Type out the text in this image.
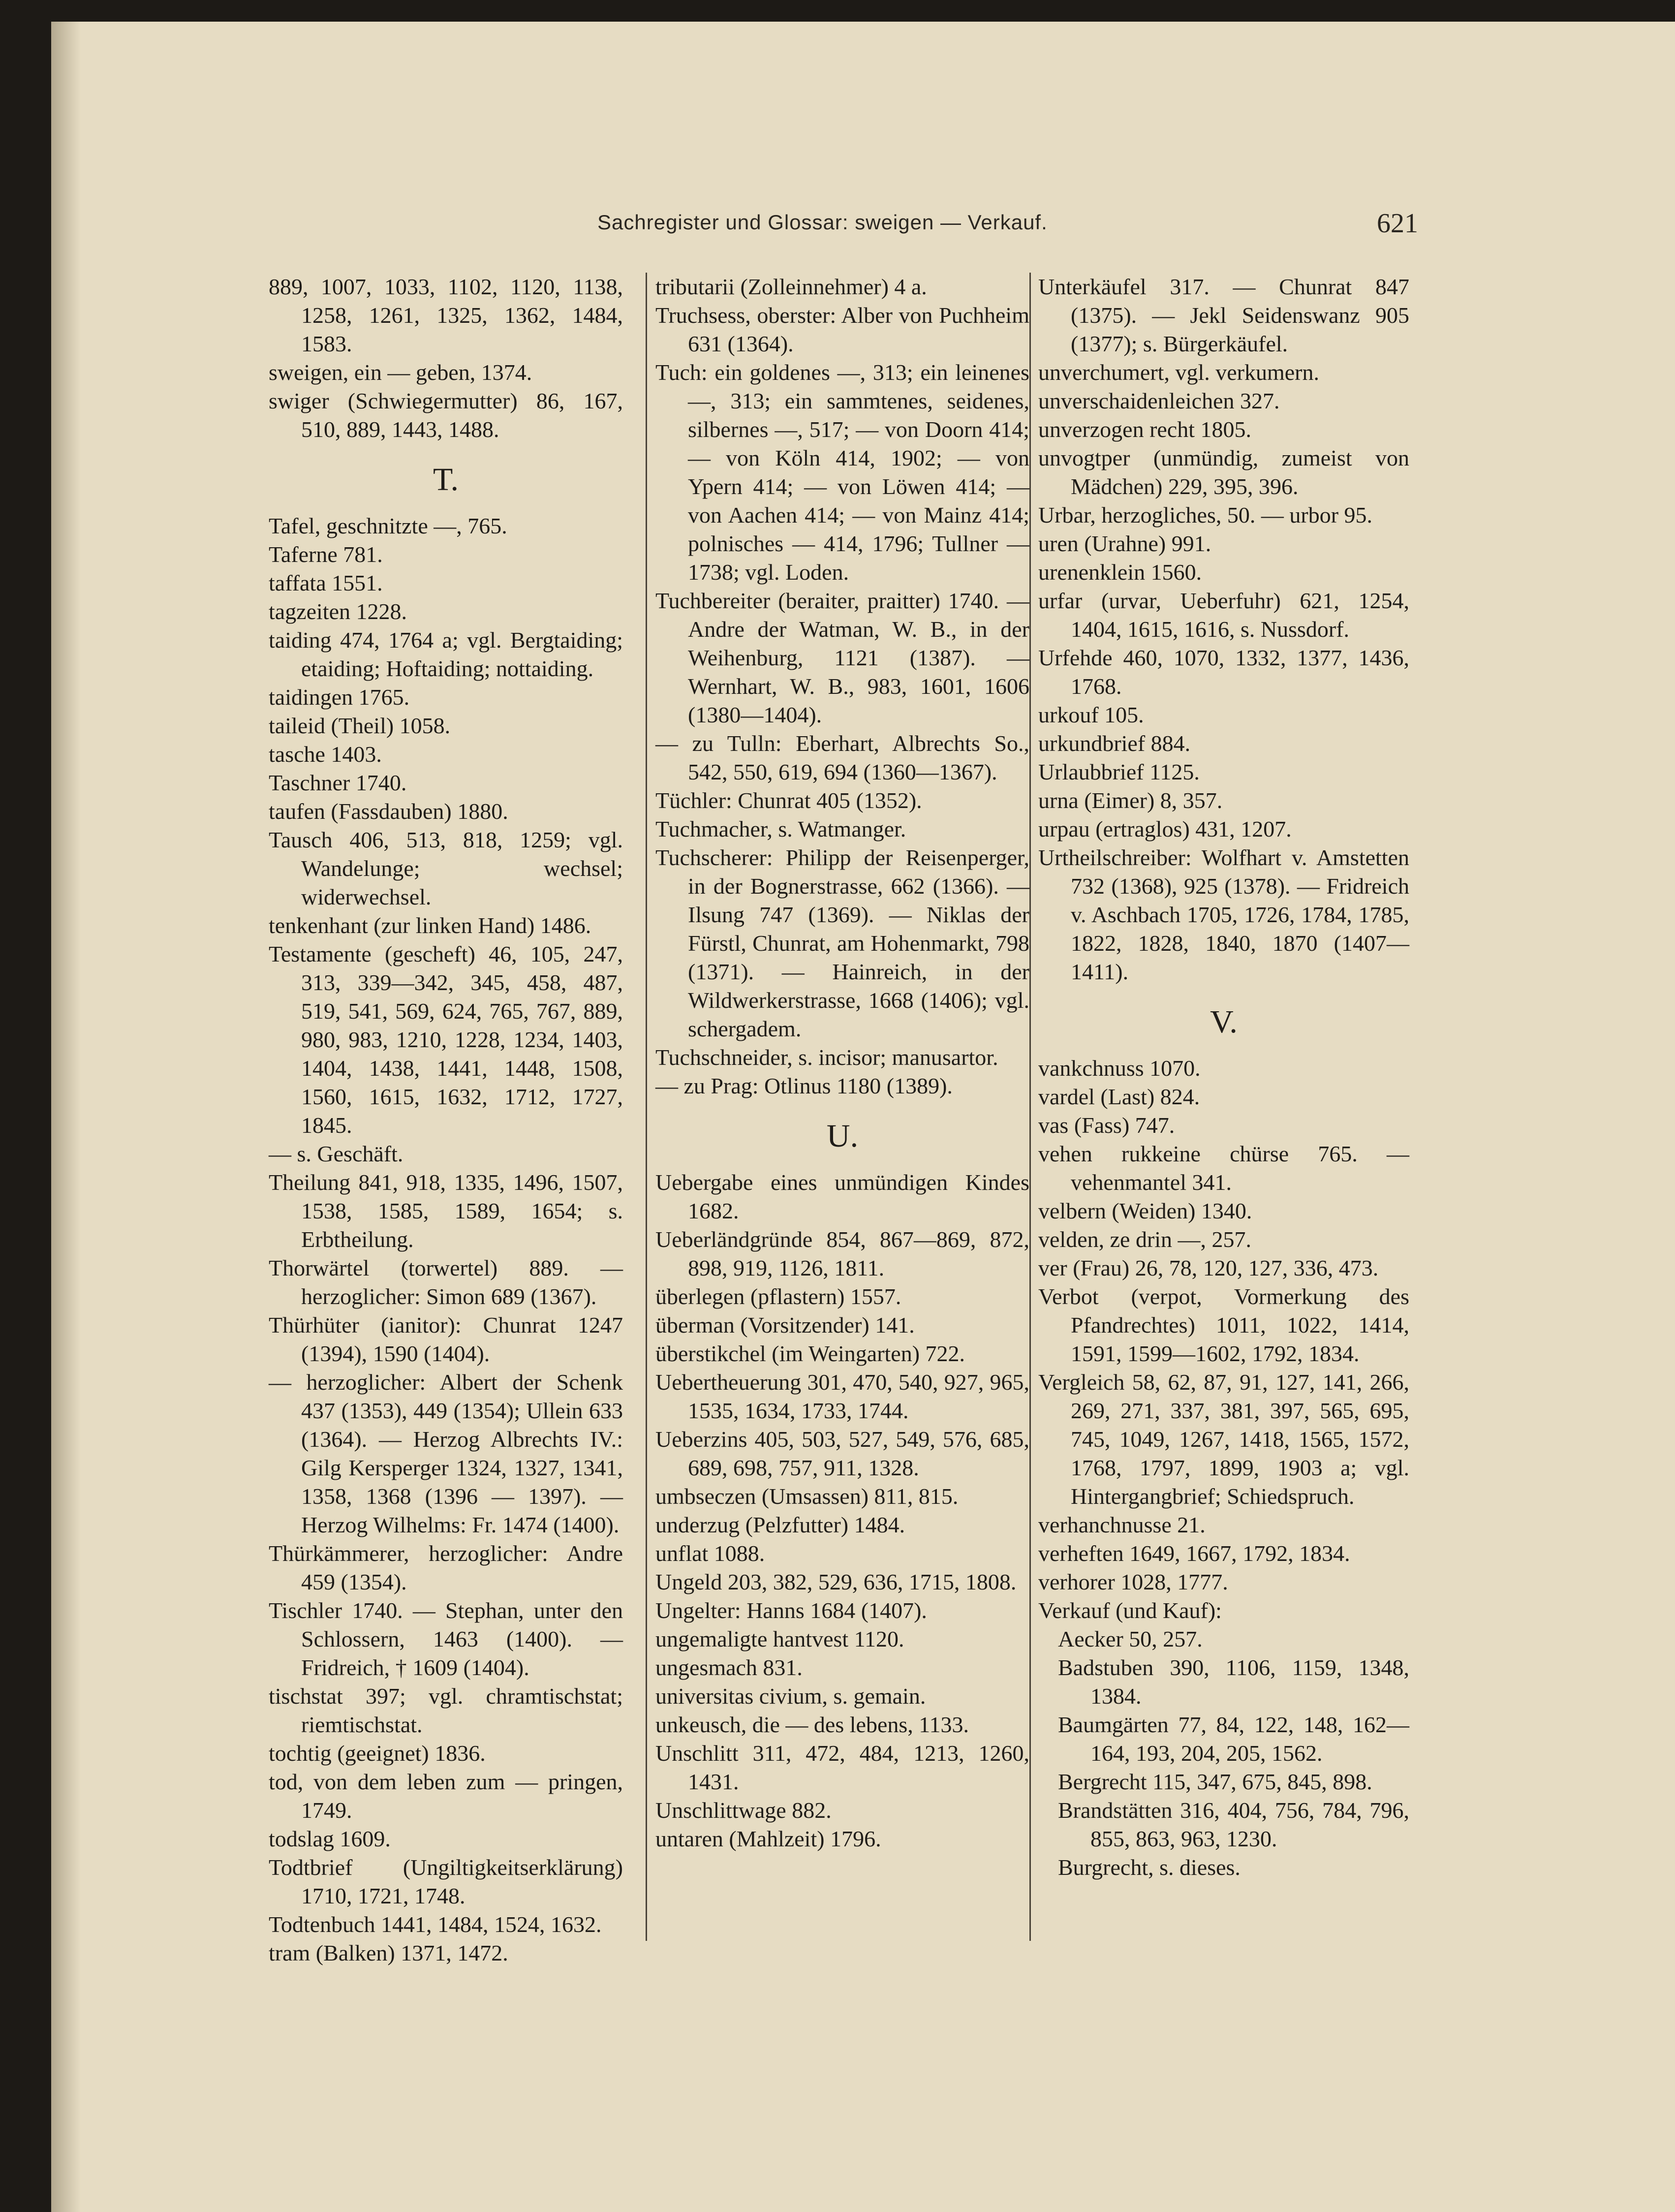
Sachregister und Glossar: sweigen — Verkauf.	621

889, 1007, 1033, 1102, 1120, 1138, 1258, 1261, 1325, 1362, 1484, 1583.

sweigen, ein — geben, 1374.

swiger (Schwiegermutter) 86, 167, 510, 889, 1443, 1488.

T.

Tafel, geschnitzte —, 765.

Taferne 781.

taffata 1551.

tagzeiten 1228.

taiding 474, 1764 a; vgl. Bergtaiding; etaiding; Hoftaiding; nottaiding.

taidingen 1765.

taileid (Theil) 1058.

tasche 1403.

Taschner 1740.

taufen (Fassdauben) 1880.

Tausch 406, 513, 818, 1259; vgl. Wandelunge; wechsel; widerwechsel.

tenkenhant (zur linken Hand) 1486.

Testamente (gescheft) 46, 105, 247, 313, 339—342, 345, 458, 487, 519, 541, 569, 624, 765, 767, 889, 980, 983, 1210, 1228, 1234, 1403, 1404, 1438, 1441, 1448, 1508, 1560, 1615, 1632, 1712, 1727, 1845.

— s. Geschäft.

Theilung 841, 918, 1335, 1496, 1507, 1538, 1585, 1589, 1654; s. Erbtheilung.

Thorwärtel (torwertel) 889. — herzoglicher: Simon 689 (1367).

Thürhüter (ianitor): Chunrat 1247 (1394), 1590 (1404).

— herzoglicher: Albert der Schenk 437 (1353), 449 (1354); Ullein 633 (1364). — Herzog Albrechts IV.: Gilg Kersperger 1324, 1327, 1341, 1358, 1368 (1396 — 1397). — Herzog Wilhelms: Fr. 1474 (1400).

Thürkämmerer, herzoglicher: Andre 459 (1354).

Tischler 1740. — Stephan, unter den Schlossern, 1463 (1400). — Fridreich, † 1609 (1404).

tischstat 397; vgl. chramtischstat; riemtischstat.

tochtig (geeignet) 1836.

tod, von dem leben zum — pringen, 1749.

todslag 1609.

Todtbrief (Ungiltigkeitserklärung) 1710, 1721, 1748.

Todtenbuch 1441, 1484, 1524, 1632.

tram (Balken) 1371, 1472.

tributarii (Zolleinnehmer) 4 a.

Truchsess, oberster: Alber von Puchheim 631 (1364).

Tuch: ein goldenes —, 313; ein leinenes —, 313; ein sammtenes, seidenes, silbernes —, 517; — von Doorn 414; — von Köln 414, 1902; — von Ypern 414; — von Löwen 414; — von Aachen 414; — von Mainz 414; polnisches — 414, 1796; Tullner — 1738; vgl. Loden.

Tuchbereiter (beraiter, praitter) 1740. — Andre der Watman, W. B., in der Weihenburg, 1121 (1387). — Wernhart, W. B., 983, 1601, 1606 (1380—1404).

— zu Tulln: Eberhart, Albrechts So., 542, 550, 619, 694 (1360—1367).

Tüchler: Chunrat 405 (1352).

Tuchmacher, s. Watmanger.

Tuchscherer: Philipp der Reisenperger, in der Bognerstrasse, 662 (1366). — Ilsung 747 (1369). — Niklas der Fürstl, Chunrat, am Hohenmarkt, 798 (1371). — Hainreich, in der Wildwerkerstrasse, 1668 (1406); vgl. schergadem.

Tuchschneider, s. incisor; manusartor.

— zu Prag: Otlinus 1180 (1389).

U.

Uebergabe eines unmündigen Kindes 1682.

Ueberländgründe 854, 867—869, 872, 898, 919, 1126, 1811.

überlegen (pflastern) 1557.

überman (Vorsitzender) 141.

überstikchel (im Weingarten) 722.

Uebertheuerung 301, 470, 540, 927, 965, 1535, 1634, 1733, 1744.

Ueberzins 405, 503, 527, 549, 576, 685, 689, 698, 757, 911, 1328.

umbseczen (Umsassen) 811, 815.

underzug (Pelzfutter) 1484.

unflat 1088.

Ungeld 203, 382, 529, 636, 1715, 1808.

Ungelter: Hanns 1684 (1407).

ungemaligte hantvest 1120.

ungesmach 831.

universitas civium, s. gemain.

unkeusch, die — des lebens, 1133.

Unschlitt 311, 472, 484, 1213, 1260, 1431.

Unschlittwage 882.

untaren (Mahlzeit) 1796.

Unterkäufel 317. — Chunrat 847 (1375). — Jekl Seidenswanz 905 (1377); s. Bürgerkäufel.

unverchumert, vgl. verkumern.

unverschaidenleichen 327.

unverzogen recht 1805.

unvogtper (unmündig, zumeist von Mädchen) 229, 395, 396.

Urbar, herzogliches, 50. — urbor 95.

uren (Urahne) 991.

urenenklein 1560.

urfar (urvar, Ueberfuhr) 621, 1254, 1404, 1615, 1616, s. Nussdorf.

Urfehde 460, 1070, 1332, 1377, 1436, 1768.

urkouf 105.

urkundbrief 884.

Urlaubbrief 1125.

urna (Eimer) 8, 357.

urpau (ertraglos) 431, 1207.

Urtheilschreiber: Wolfhart v. Amstetten 732 (1368), 925 (1378). — Fridreich v. Aschbach 1705, 1726, 1784, 1785, 1822, 1828, 1840, 1870 (1407—1411).

V.

vankchnuss 1070.

vardel (Last) 824.

vas (Fass) 747.

vehen rukkeine chürse 765. — vehenmantel 341.

velbern (Weiden) 1340.

velden, ze drin —, 257.

ver (Frau) 26, 78, 120, 127, 336, 473.

Verbot (verpot, Vormerkung des Pfandrechtes) 1011, 1022, 1414, 1591, 1599—1602, 1792, 1834.

Vergleich 58, 62, 87, 91, 127, 141, 266, 269, 271, 337, 381, 397, 565, 695, 745, 1049, 1267, 1418, 1565, 1572, 1768, 1797, 1899, 1903 a; vgl. Hintergangbrief; Schiedspruch.

verhanchnusse 21.

verheften 1649, 1667, 1792, 1834.

verhorer 1028, 1777.

Verkauf (und Kauf):

Aecker 50, 257.

Badstuben 390, 1106, 1159, 1348, 1384.

Baumgärten 77, 84, 122, 148, 162—164, 193, 204, 205, 1562.

Bergrecht 115, 347, 675, 845, 898.

Brandstätten 316, 404, 756, 784, 796, 855, 863, 963, 1230.

Burgrecht, s. dieses.
